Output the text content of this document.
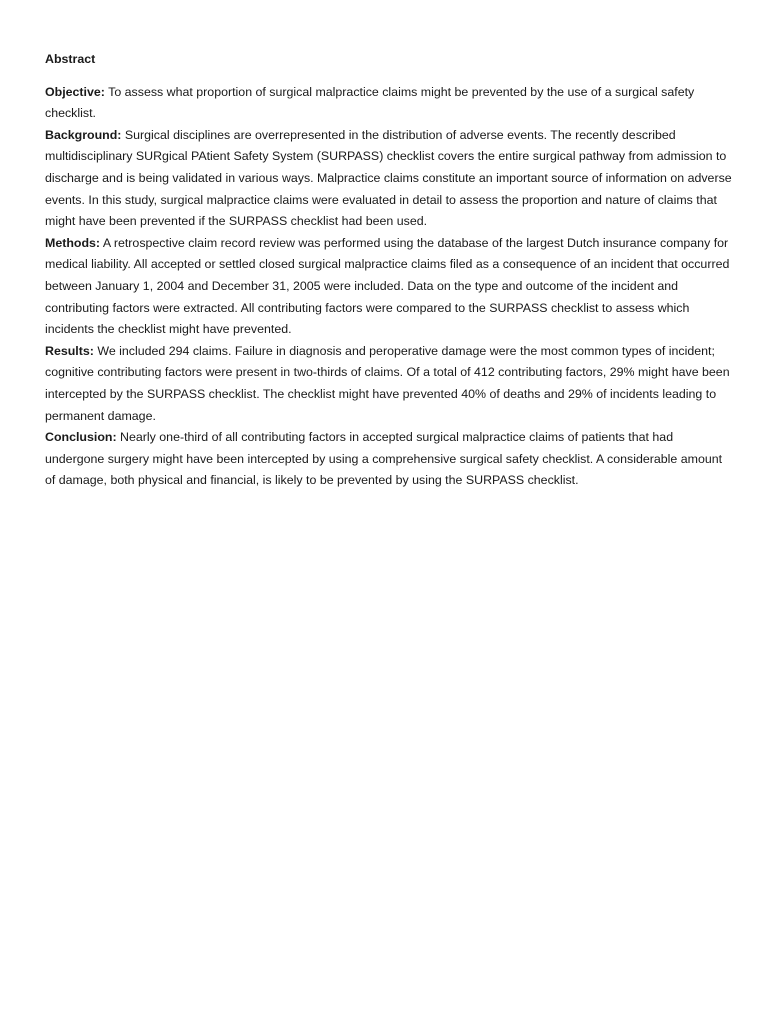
Abstract

Objective: To assess what proportion of surgical malpractice claims might be prevented by the use of a surgical safety checklist.

Background: Surgical disciplines are overrepresented in the distribution of adverse events. The recently described multidisciplinary SURgical PAtient Safety System (SURPASS) checklist covers the entire surgical pathway from admission to discharge and is being validated in various ways. Malpractice claims constitute an important source of information on adverse events. In this study, surgical malpractice claims were evaluated in detail to assess the proportion and nature of claims that might have been prevented if the SURPASS checklist had been used.

Methods: A retrospective claim record review was performed using the database of the largest Dutch insurance company for medical liability. All accepted or settled closed surgical malpractice claims filed as a consequence of an incident that occurred between January 1, 2004 and December 31, 2005 were included. Data on the type and outcome of the incident and contributing factors were extracted. All contributing factors were compared to the SURPASS checklist to assess which incidents the checklist might have prevented.

Results: We included 294 claims. Failure in diagnosis and peroperative damage were the most common types of incident; cognitive contributing factors were present in two-thirds of claims. Of a total of 412 contributing factors, 29% might have been intercepted by the SURPASS checklist. The checklist might have prevented 40% of deaths and 29% of incidents leading to permanent damage.

Conclusion: Nearly one-third of all contributing factors in accepted surgical malpractice claims of patients that had undergone surgery might have been intercepted by using a comprehensive surgical safety checklist. A considerable amount of damage, both physical and financial, is likely to be prevented by using the SURPASS checklist.
